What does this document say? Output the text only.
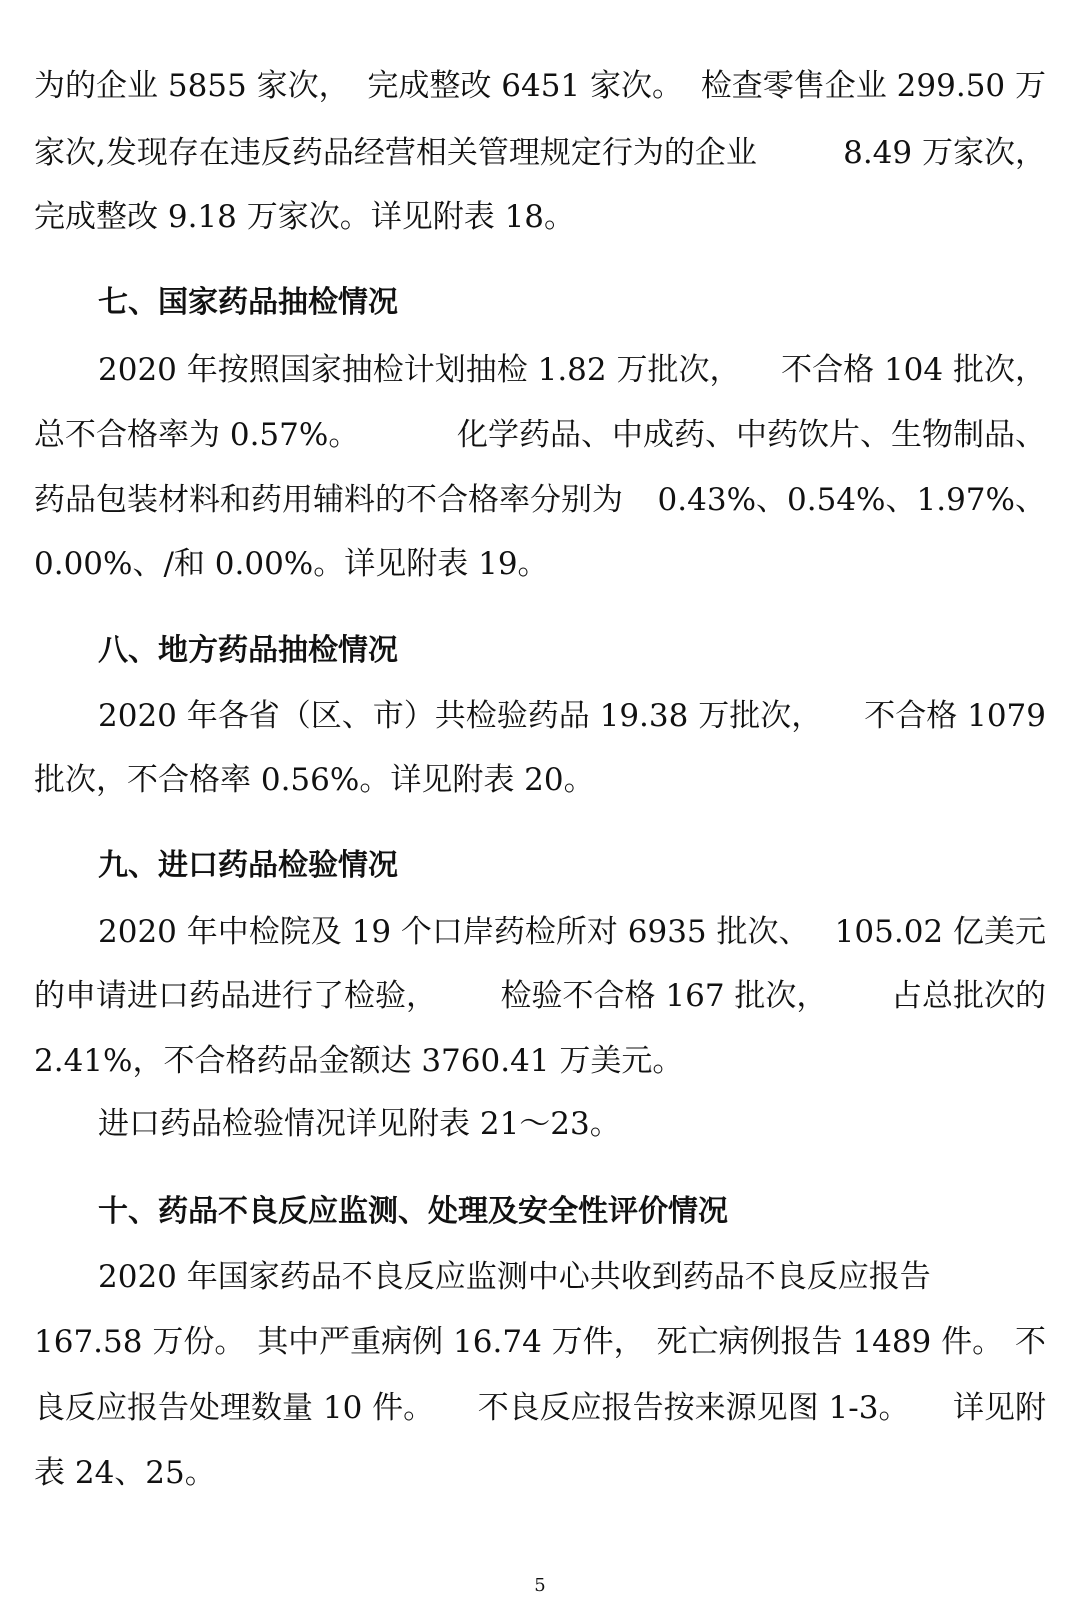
为的企业 5855 家次， 完成整改 6451 家次。 检查零售企业 299.50 万
家次,发现存在违反药品经营相关管理规定行为的企业	8.49 万家次，
完成整改 9.18 万家次。详见附表 18。
七、国家药品抽检情况
2020 年按照国家抽检计划抽检 1.82 万批次， 不合格 104 批次，
总不合格率为 0.57%。	化学药品、中成药、中药饮片、生物制品、
药品包装材料和药用辅料的不合格率分别为 0.43%、0.54%、1.97%、
0.00%、/和 0.00%。详见附表 19。
八、地方药品抽检情况
2020 年各省（区、市）共检验药品 19.38 万批次， 不合格 1079
批次，不合格率 0.56%。详见附表 20。
九、进口药品检验情况
2020 年中检院及 19 个口岸药检所对 6935 批次、 105.02 亿美元
的申请进口药品进行了检验， 检验不合格 167 批次， 占总批次的
2.41%，不合格药品金额达 3760.41 万美元。
进口药品检验情况详见附表 21～23。
十、药品不良反应监测、处理及安全性评价情况
2020 年国家药品不良反应监测中心共收到药品不良反应报告
167.58 万份。 其中严重病例 16.74 万件， 死亡病例报告 1489 件。 不
良反应报告处理数量 10 件。 不良反应报告按来源见图 1-3。 详见附
表 24、25。
5
